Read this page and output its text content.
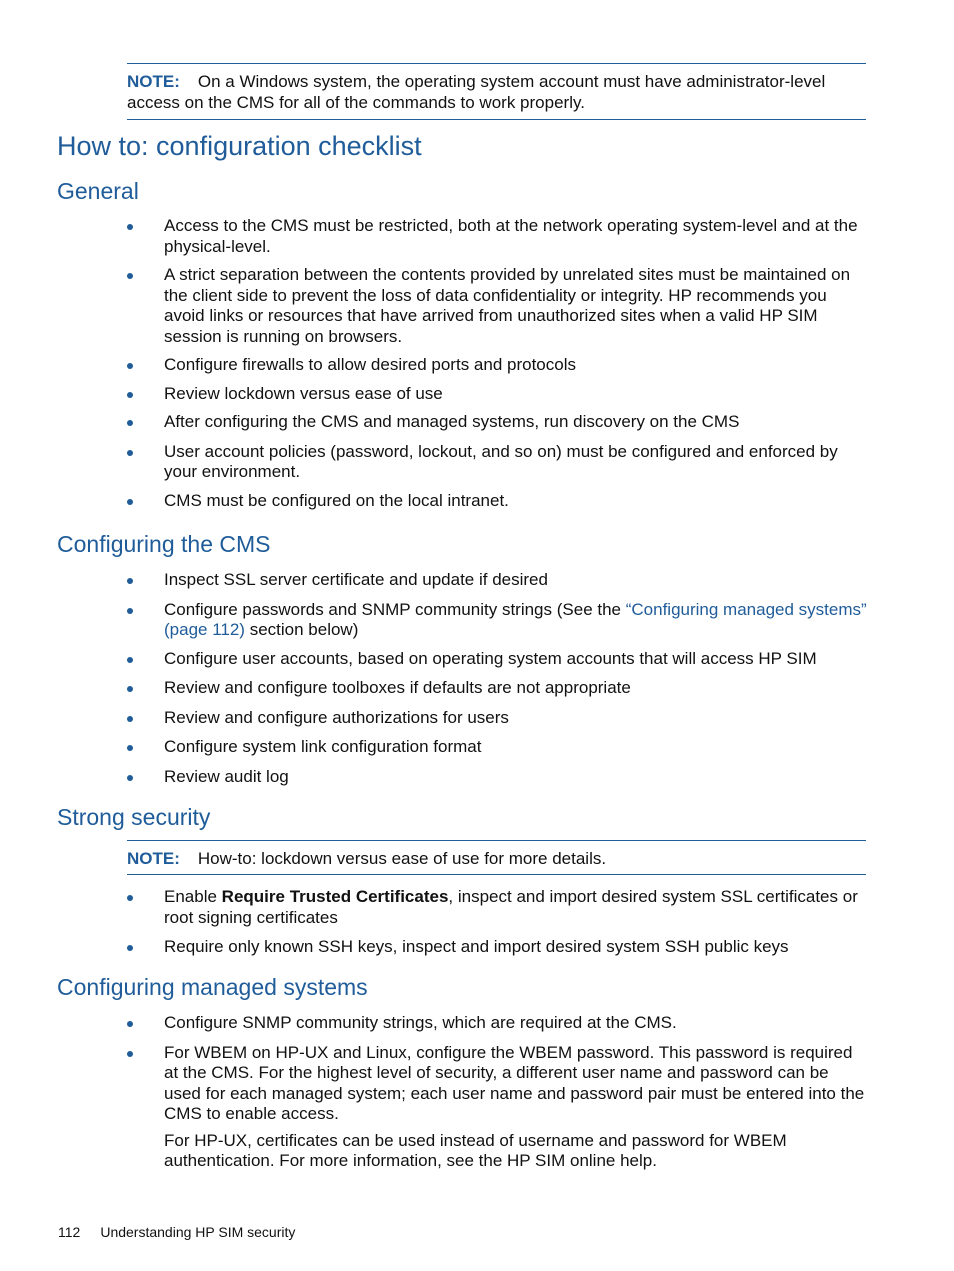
NOTE: On a Windows system, the operating system account must have administrator-level access on the CMS for all of the commands to work properly.
How to: configuration checklist
General
Access to the CMS must be restricted, both at the network operating system-level and at the physical-level.
A strict separation between the contents provided by unrelated sites must be maintained on the client side to prevent the loss of data confidentiality or integrity. HP recommends you avoid links or resources that have arrived from unauthorized sites when a valid HP SIM session is running on browsers.
Configure firewalls to allow desired ports and protocols
Review lockdown versus ease of use
After configuring the CMS and managed systems, run discovery on the CMS
User account policies (password, lockout, and so on) must be configured and enforced by your environment.
CMS must be configured on the local intranet.
Configuring the CMS
Inspect SSL server certificate and update if desired
Configure passwords and SNMP community strings (See the “Configuring managed systems” (page 112) section below)
Configure user accounts, based on operating system accounts that will access HP SIM
Review and configure toolboxes if defaults are not appropriate
Review and configure authorizations for users
Configure system link configuration format
Review audit log
Strong security
NOTE: How-to: lockdown versus ease of use for more details.
Enable Require Trusted Certificates, inspect and import desired system SSL certificates or root signing certificates
Require only known SSH keys, inspect and import desired system SSH public keys
Configuring managed systems
Configure SNMP community strings, which are required at the CMS.
For WBEM on HP-UX and Linux, configure the WBEM password. This password is required at the CMS. For the highest level of security, a different user name and password can be used for each managed system; each user name and password pair must be entered into the CMS to enable access.
For HP-UX, certificates can be used instead of username and password for WBEM authentication. For more information, see the HP SIM online help.
112 Understanding HP SIM security
